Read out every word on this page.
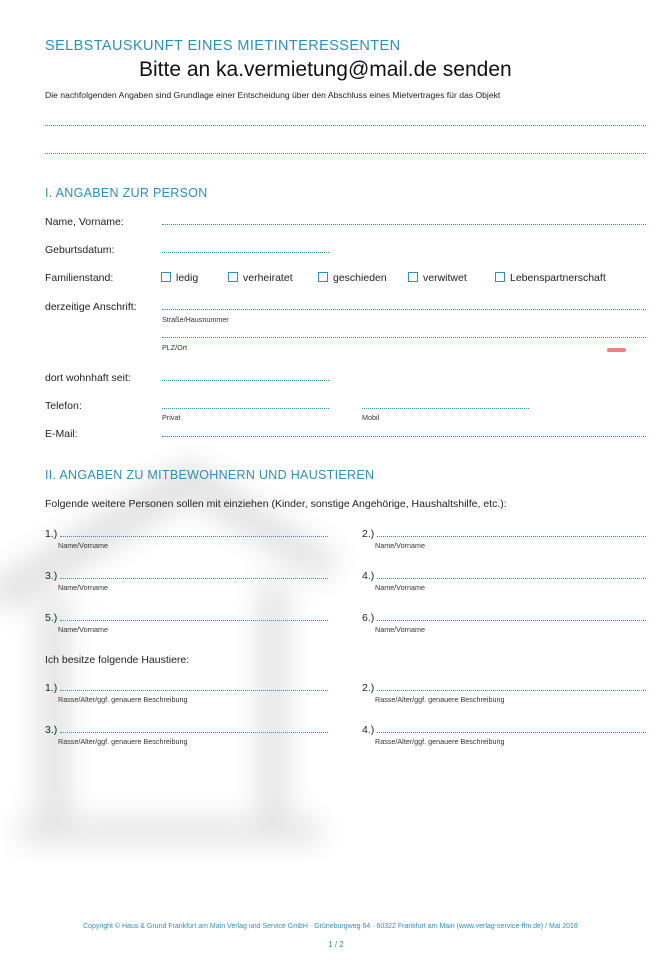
SELBSTAUSKUNFT EINES MIETINTERESSENTEN
Bitte an ka.vermietung@mail.de senden
Die nachfolgenden Angaben sind Grundlage einer Entscheidung über den Abschluss eines Mietvertrages für das Objekt
I. ANGABEN ZUR PERSON
Name, Vorname:
Geburtsdatum:
Familienstand:	ledig	verheiratet	geschieden	verwitwet	Lebenspartnerschaft
derzeitige Anschrift:
Straße/Hausnummer
PLZ/Ort
dort wohnhaft seit:
Telefon:
Privat	Mobil
E-Mail:
II. ANGABEN ZU MITBEWOHNERN UND HAUSTIEREN
Folgende weitere Personen sollen mit einziehen (Kinder, sonstige Angehörige, Haushaltshilfe, etc.):
1.)
Name/Vorname
2.)
Name/Vorname
3.)
Name/Vorname
4.)
Name/Vorname
5.)
Name/Vorname
6.)
Name/Vorname
Ich besitze folgende Haustiere:
1.)
Rasse/Alter/ggf. genauere Beschreibung
2.)
Rasse/Alter/ggf. genauere Beschreibung
3.)
Rasse/Alter/ggf. genauere Beschreibung
4.)
Rasse/Alter/ggf. genauere Beschreibung
Copyright © Haus & Grund Frankfurt am Main Verlag und Service GmbH · Grüneburgweg 64 · 60322 Frankfurt am Main (www.verlag-service-ffm.de) / Mai 2018
1 / 2
